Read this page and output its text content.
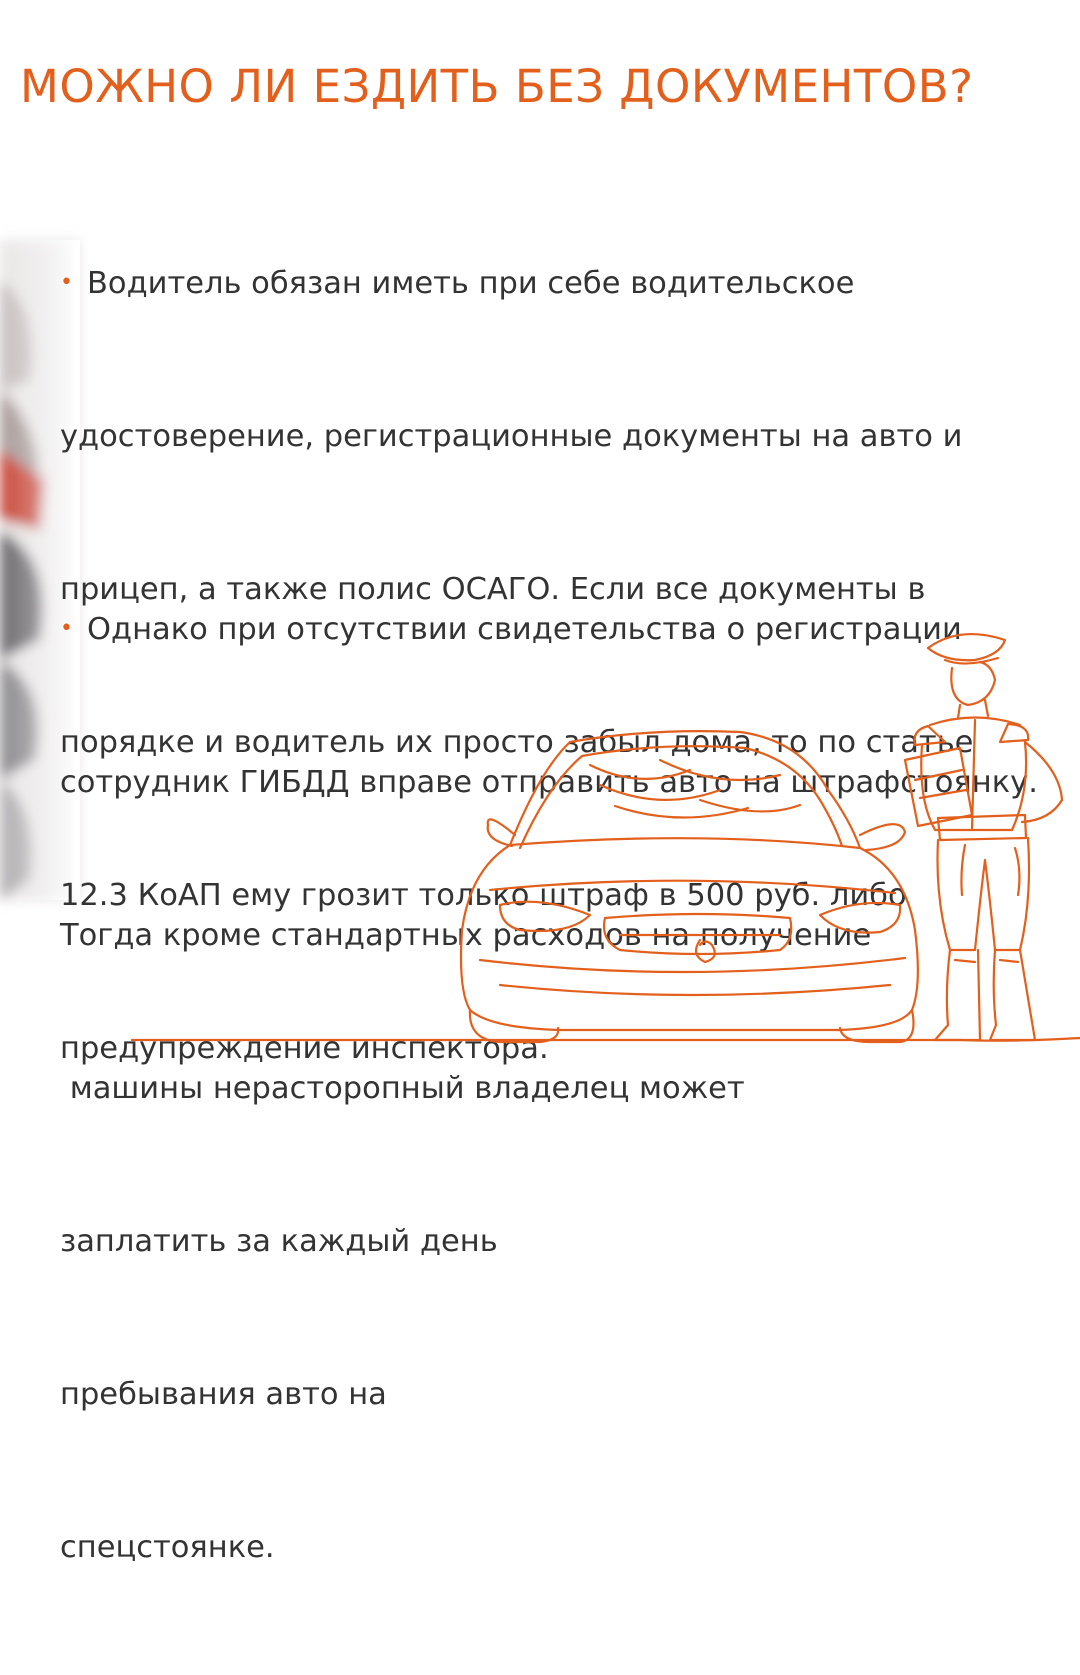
МОЖНО ЛИ ЕЗДИТЬ БЕЗ ДОКУМЕНТОВ?

• Водитель обязан иметь при себе водительское

удостоверение, регистрационные документы на авто и

прицеп, а также полис ОСАГО. Если все документы в

порядке и водитель их просто забыл дома, то по статье

12.3 КоАП ему грозит только штраф в 500 руб. либо

предупреждение инспектора.

• Однако при отсутствии свидетельства о регистрации

сотрудник ГИБДД вправе отправить авто на штрафстоянку.

Тогда кроме стандартных расходов на получение

машины нерасторопный владелец может

заплатить за каждый день

пребывания авто на

спецстоянке.
